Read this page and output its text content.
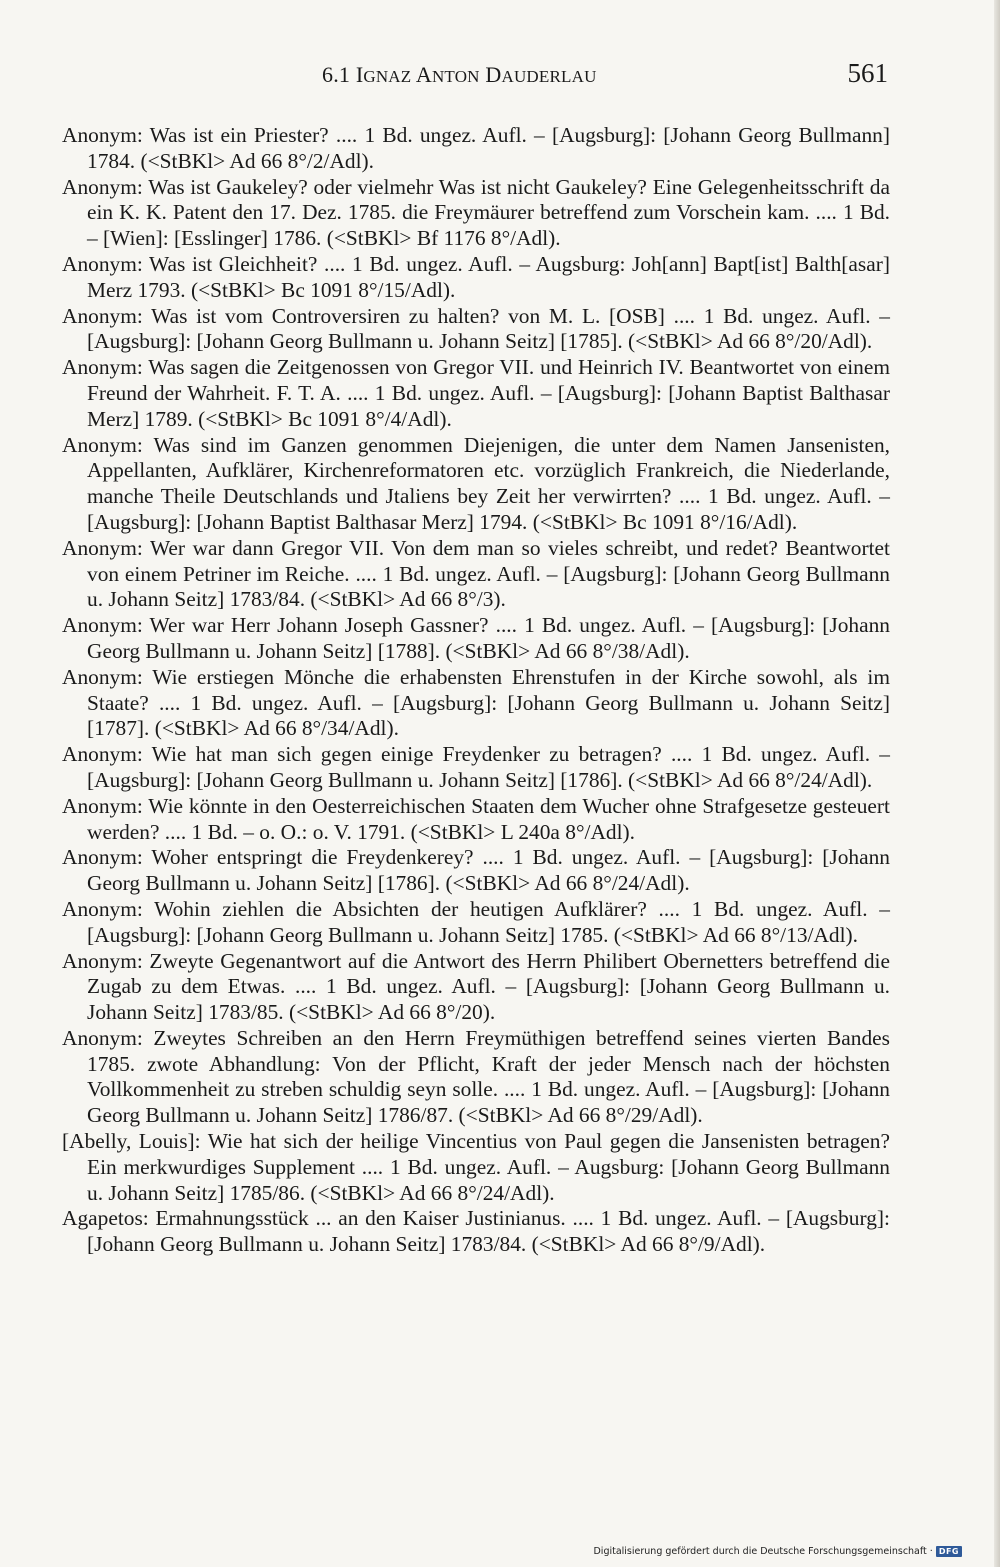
6.1 IGNAZ ANTON DAUDERLAU	561

Anonym: Was ist ein Priester? .... 1 Bd. ungez. Aufl. – [Augsburg]: [Johann Georg Bullmann] 1784. (<StBKl> Ad 66 8°/2/Adl).

Anonym: Was ist Gaukeley? oder vielmehr Was ist nicht Gaukeley? Eine Gelegenheitsschrift da ein K. K. Patent den 17. Dez. 1785. die Freymäurer betreffend zum Vorschein kam. .... 1 Bd. – [Wien]: [Esslinger] 1786. (<StBKl> Bf 1176 8°/Adl).

Anonym: Was ist Gleichheit? .... 1 Bd. ungez. Aufl. – Augsburg: Joh[ann] Bapt[ist] Balth[asar] Merz 1793. (<StBKl> Bc 1091 8°/15/Adl).

Anonym: Was ist vom Controversiren zu halten? von M. L. [OSB] .... 1 Bd. ungez. Aufl. – [Augsburg]: [Johann Georg Bullmann u. Johann Seitz] [1785]. (<StBKl> Ad 66 8°/20/Adl).

Anonym: Was sagen die Zeitgenossen von Gregor VII. und Heinrich IV. Beantwortet von einem Freund der Wahrheit. F. T. A. .... 1 Bd. ungez. Aufl. – [Augsburg]: [Johann Baptist Balthasar Merz] 1789. (<StBKl> Bc 1091 8°/4/Adl).

Anonym: Was sind im Ganzen genommen Diejenigen, die unter dem Namen Jansenisten, Appellanten, Aufklärer, Kirchenreformatoren etc. vorzüglich Frankreich, die Niederlande, manche Theile Deutschlands und Jtaliens bey Zeit her verwirrten? .... 1 Bd. ungez. Aufl. – [Augsburg]: [Johann Baptist Balthasar Merz] 1794. (<StBKl> Bc 1091 8°/16/Adl).

Anonym: Wer war dann Gregor VII. Von dem man so vieles schreibt, und redet? Beantwortet von einem Petriner im Reiche. .... 1 Bd. ungez. Aufl. – [Augsburg]: [Johann Georg Bullmann u. Johann Seitz] 1783/84. (<StBKl> Ad 66 8°/3).

Anonym: Wer war Herr Johann Joseph Gassner? .... 1 Bd. ungez. Aufl. – [Augsburg]: [Johann Georg Bullmann u. Johann Seitz] [1788]. (<StBKl> Ad 66 8°/38/Adl).

Anonym: Wie erstiegen Mönche die erhabensten Ehrenstufen in der Kirche sowohl, als im Staate? .... 1 Bd. ungez. Aufl. – [Augsburg]: [Johann Georg Bullmann u. Johann Seitz] [1787]. (<StBKl> Ad 66 8°/34/Adl).

Anonym: Wie hat man sich gegen einige Freydenker zu betragen? .... 1 Bd. ungez. Aufl. – [Augsburg]: [Johann Georg Bullmann u. Johann Seitz] [1786]. (<StBKl> Ad 66 8°/24/Adl).

Anonym: Wie könnte in den Oesterreichischen Staaten dem Wucher ohne Strafgesetze gesteuert werden? .... 1 Bd. – o. O.: o. V. 1791. (<StBKl> L 240a 8°/Adl).

Anonym: Woher entspringt die Freydenkerey? .... 1 Bd. ungez. Aufl. – [Augsburg]: [Johann Georg Bullmann u. Johann Seitz] [1786]. (<StBKl> Ad 66 8°/24/Adl).

Anonym: Wohin ziehlen die Absichten der heutigen Aufklärer? .... 1 Bd. ungez. Aufl. – [Augsburg]: [Johann Georg Bullmann u. Johann Seitz] 1785. (<StBKl> Ad 66 8°/13/Adl).

Anonym: Zweyte Gegenantwort auf die Antwort des Herrn Philibert Obernetters betreffend die Zugab zu dem Etwas. .... 1 Bd. ungez. Aufl. – [Augsburg]: [Johann Georg Bullmann u. Johann Seitz] 1783/85. (<StBKl> Ad 66 8°/20).

Anonym: Zweytes Schreiben an den Herrn Freymüthigen betreffend seines vierten Bandes 1785. zwote Abhandlung: Von der Pflicht, Kraft der jeder Mensch nach der höchsten Vollkommenheit zu streben schuldig seyn solle. .... 1 Bd. ungez. Aufl. – [Augsburg]: [Johann Georg Bullmann u. Johann Seitz] 1786/87. (<StBKl> Ad 66 8°/29/Adl).

[Abelly, Louis]: Wie hat sich der heilige Vincentius von Paul gegen die Jansenisten betragen? Ein merkwurdiges Supplement .... 1 Bd. ungez. Aufl. – Augsburg: [Johann Georg Bullmann u. Johann Seitz] 1785/86. (<StBKl> Ad 66 8°/24/Adl).

Agapetos: Ermahnungsstück ... an den Kaiser Justinianus. .... 1 Bd. ungez. Aufl. – [Augsburg]: [Johann Georg Bullmann u. Johann Seitz] 1783/84. (<StBKl> Ad 66 8°/9/Adl).

Digitalisierung gefördert durch die Deutsche Forschungsgemeinschaft · DFG
